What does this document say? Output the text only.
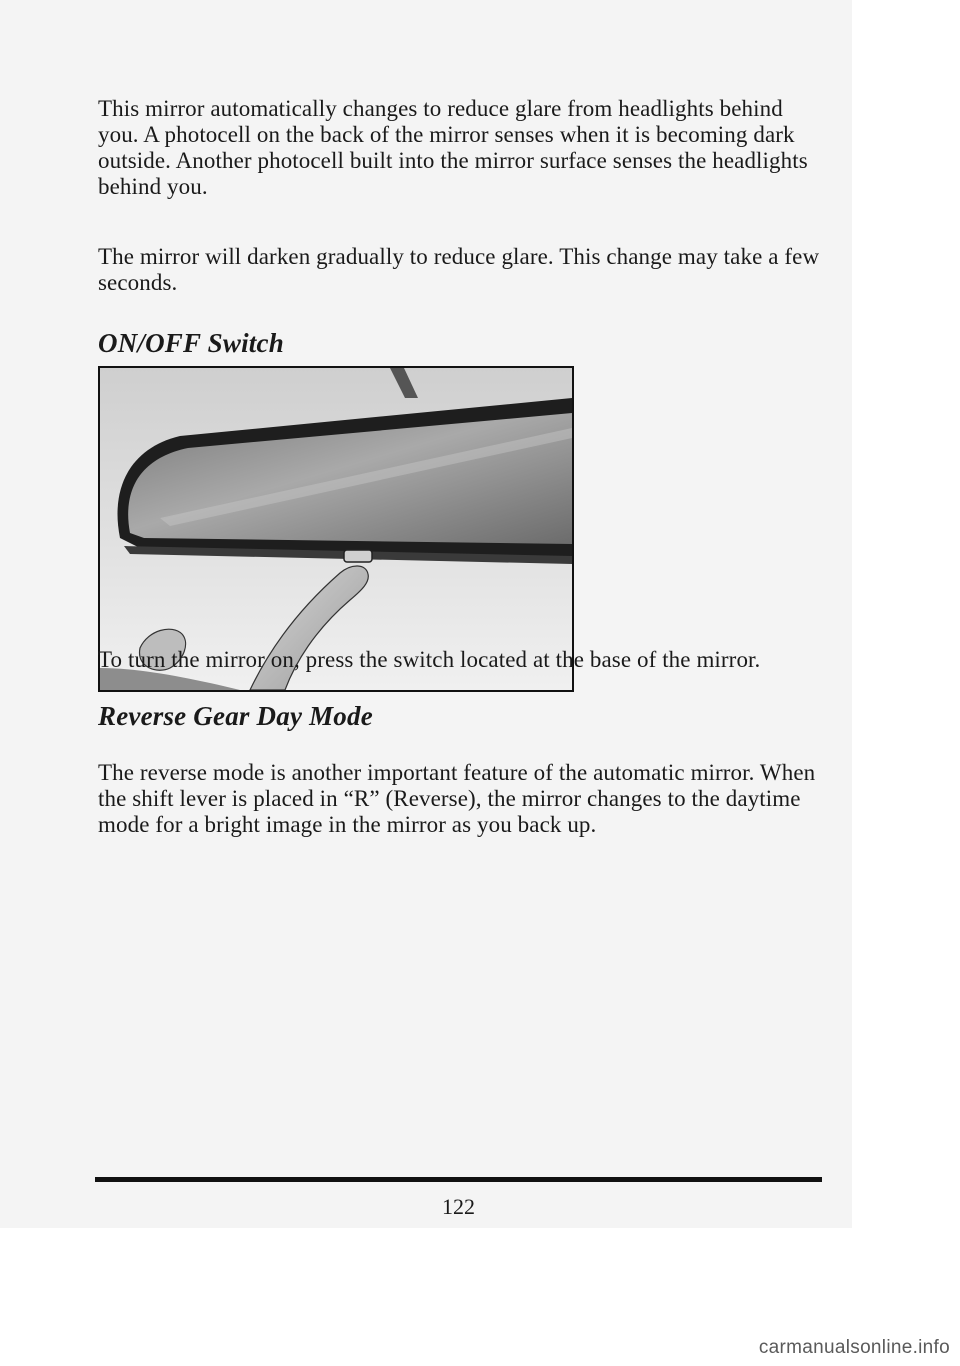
This mirror automatically changes to reduce glare from headlights behind you. A photocell on the back of the mirror senses when it is becoming dark outside. Another photocell built into the mirror surface senses the headlights behind you.

The mirror will darken gradually to reduce glare. This change may take a few seconds.

ON/OFF Switch

To turn the mirror on, press the switch located at the base of the mirror.

Reverse Gear Day Mode

The reverse mode is another important feature of the automatic mirror. When the shift lever is placed in “R” (Reverse), the mirror changes to the daytime mode for a bright image in the mirror as you back up.

122
carmanualsonline.info
